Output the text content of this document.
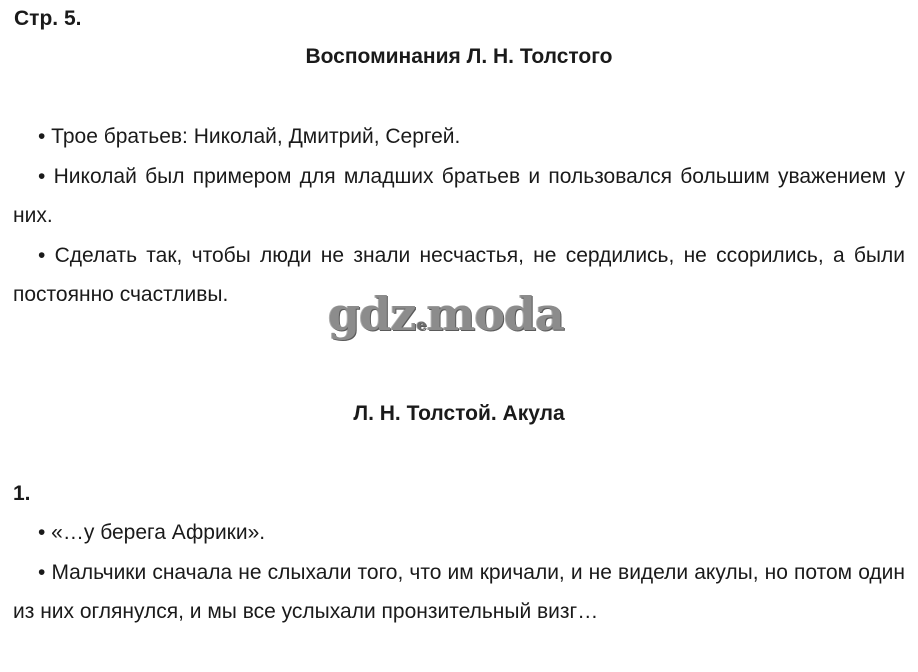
Стр. 5.
Воспоминания Л. Н. Толстого

• Трое братьев: Николай, Дмитрий, Сергей.

• Николай был примером для младших братьев и пользовался большим уважением у них.

• Сделать так, чтобы люди не знали несчастья, не сердились, не ссорились, а были постоянно счастливы.	gdzemoda
Л. Н. Толстой. Акула
1.

• «…у берега Африки».

• Мальчики сначала не слыхали того, что им кричали, и не видели акулы, но потом один из них оглянулся, и мы все услыхали пронзительный визг…
